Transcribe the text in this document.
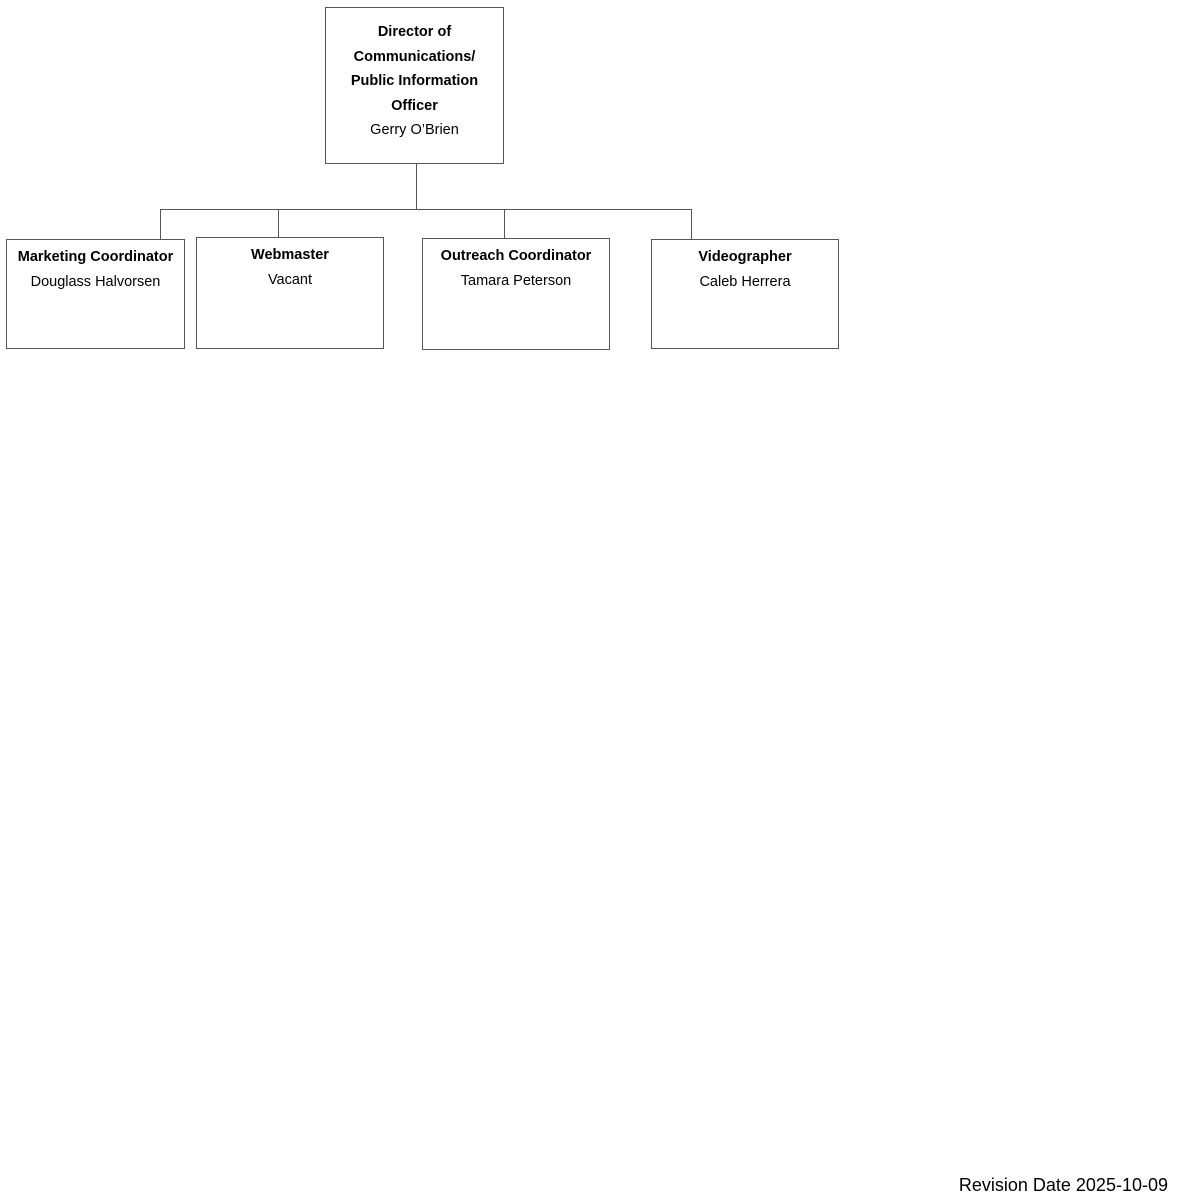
Director of Communications/ Public Information Officer
Gerry O’Brien
Marketing Coordinator
Douglass Halvorsen
Webmaster
Vacant
Outreach Coordinator
Tamara Peterson
Videographer
Caleb Herrera
Revision Date 2025-10-09
